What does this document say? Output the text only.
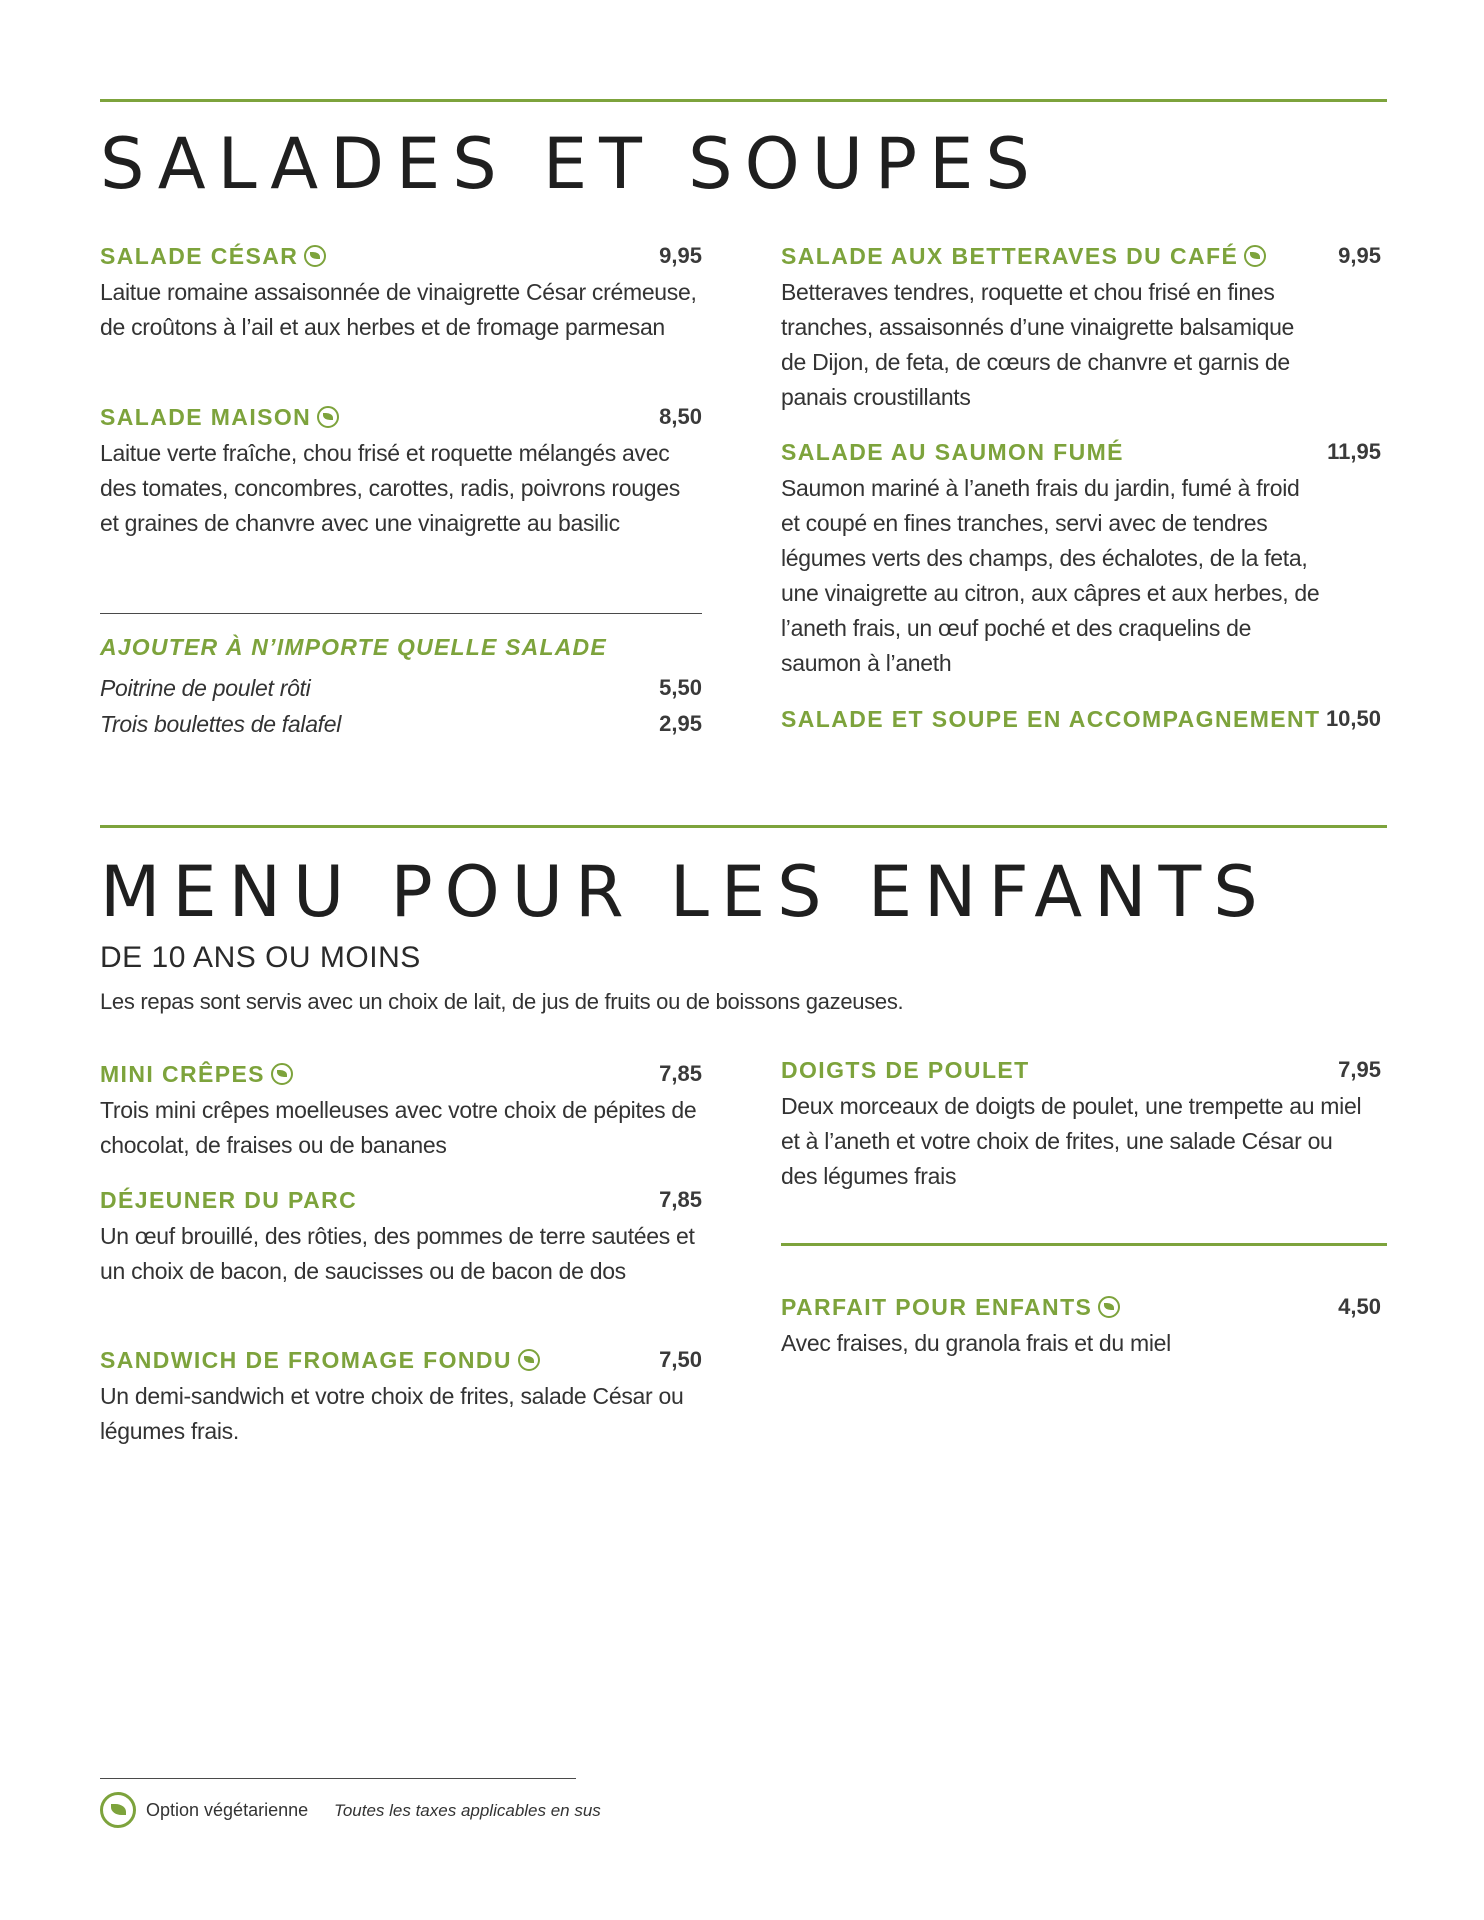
SALADES ET SOUPES
SALADE CÉSAR	9,95

Laitue romaine assaisonnée de vinaigrette César crémeuse, de croûtons à l’ail et aux herbes et de fromage parmesan

SALADE MAISON	8,50

Laitue verte fraîche, chou frisé et roquette mélangés avec des tomates, concombres, carottes, radis, poivrons rouges et graines de chanvre avec une vinaigrette au basilic

AJOUTER À N’IMPORTE QUELLE SALADE
Poitrine de poulet rôti	5,50
Trois boulettes de falafel	2,95
SALADE AUX BETTERAVES DU CAFÉ	9,95

Betteraves tendres, roquette et chou frisé en fines tranches, assaisonnés d’une vinaigrette balsamique de Dijon, de feta, de cœurs de chanvre et garnis de panais croustillants

SALADE AU SAUMON FUMÉ	11,95

Saumon mariné à l’aneth frais du jardin, fumé à froid et coupé en fines tranches, servi avec de tendres légumes verts des champs, des échalotes, de la feta, une vinaigrette au citron, aux câpres et aux herbes, de l’aneth frais, un œuf poché et des craquelins de saumon à l’aneth

SALADE ET SOUPE EN ACCOMPAGNEMENT 10,50
MENU POUR LES ENFANTS
DE 10 ANS OU MOINS
Les repas sont servis avec un choix de lait, de jus de fruits ou de boissons gazeuses.
MINI CRÊPES	7,85

Trois mini crêpes moelleuses avec votre choix de pépites de chocolat, de fraises ou de bananes

DÉJEUNER DU PARC	7,85

Un œuf brouillé, des rôties, des pommes de terre sautées et un choix de bacon, de saucisses ou de bacon de dos

SANDWICH DE FROMAGE FONDU	7,50

Un demi-sandwich et votre choix de frites, salade César ou légumes frais.

DOIGTS DE POULET	7,95

Deux morceaux de doigts de poulet, une trempette au miel et à l’aneth et votre choix de frites, une salade César ou des légumes frais

PARFAIT POUR ENFANTS	4,50

Avec fraises, du granola frais et du miel

Option végétarienne Toutes les taxes applicables en sus
